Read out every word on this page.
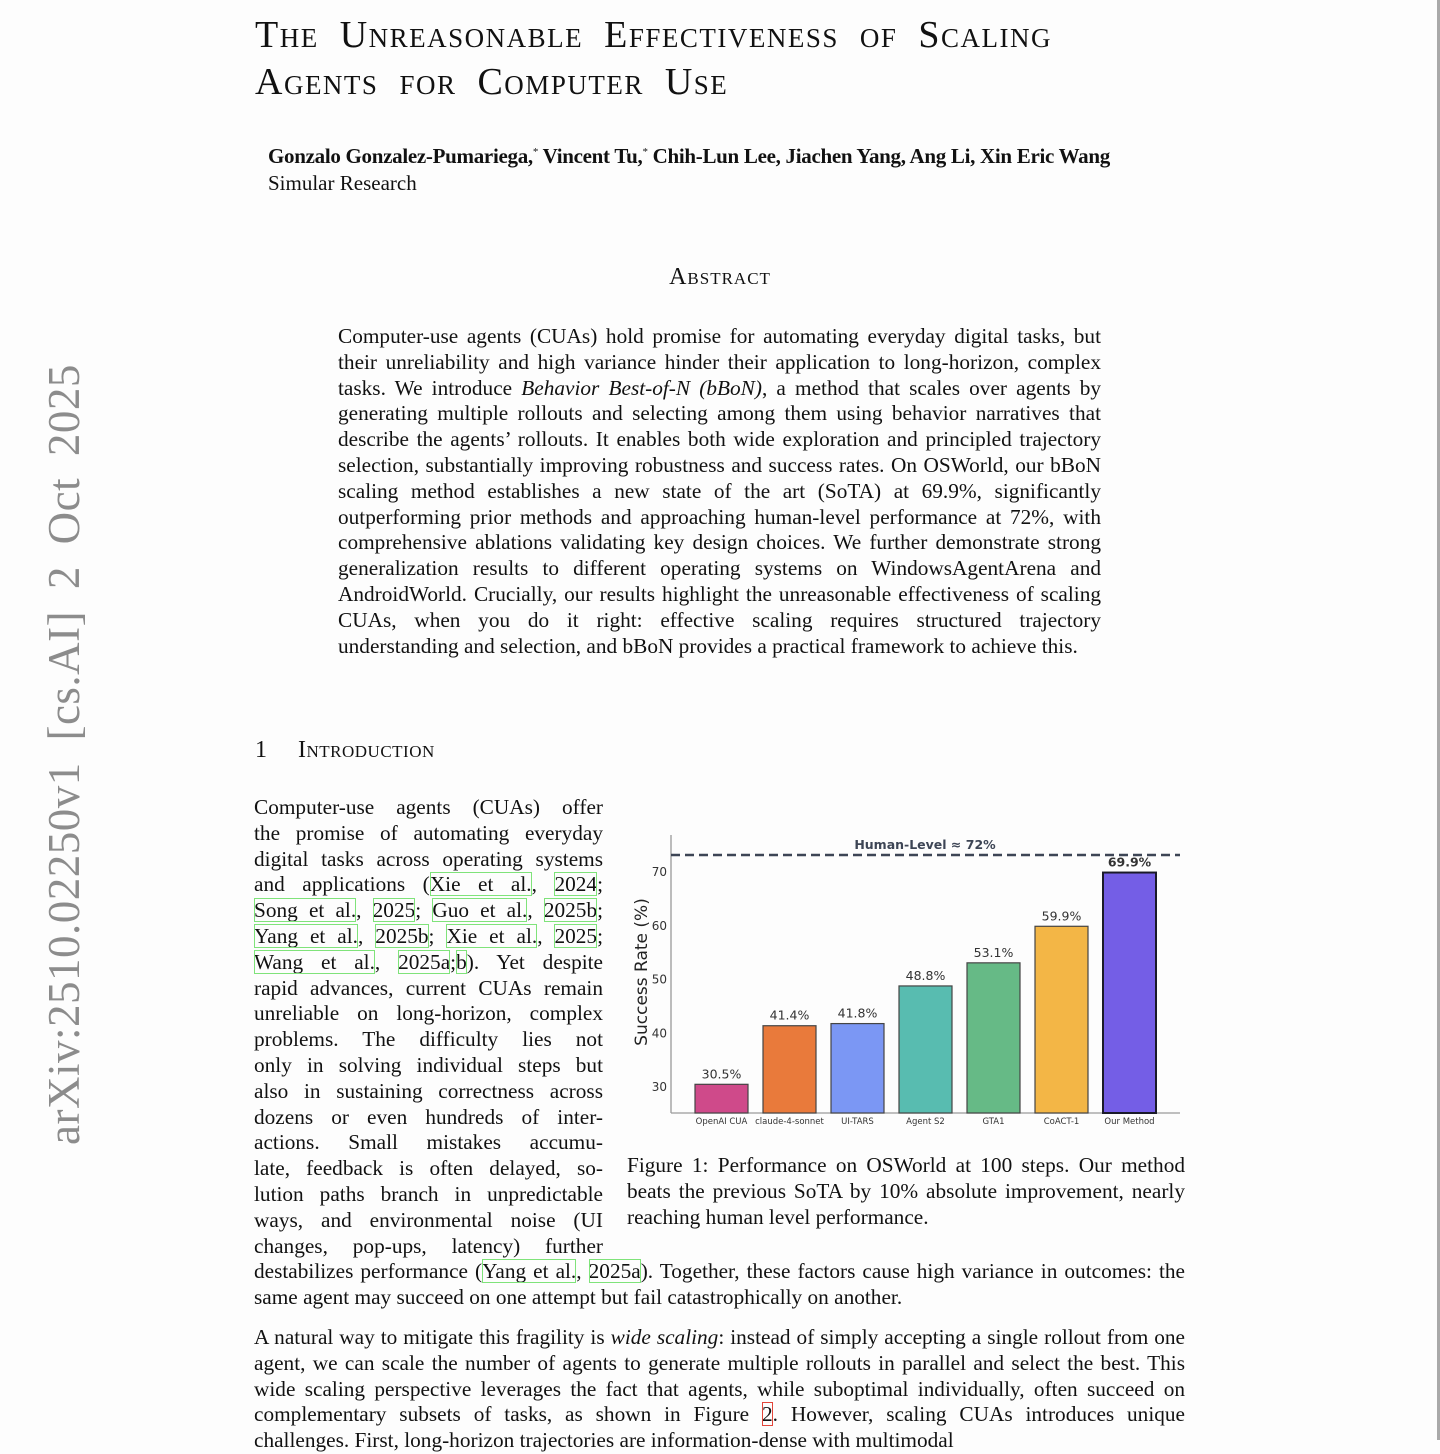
arXiv:2510.02250v1 [cs.AI] 2 Oct 2025
The Unreasonable Effectiveness of Scaling
Agents for Computer Use
Gonzalo Gonzalez-Pumariega,* Vincent Tu,* Chih-Lun Lee, Jiachen Yang, Ang Li, Xin Eric Wang
Simular Research
Abstract
Computer-use agents (CUAs) hold promise for automating everyday digital tasks, but their unreliability and high variance hinder their application to long-horizon, complex tasks. We introduce Behavior Best-of-N (bBoN), a method that scales over agents by generating multiple rollouts and selecting among them using behavior narratives that describe the agents’ rollouts. It enables both wide exploration and principled trajectory selection, substantially improving robustness and success rates. On OSWorld, our bBoN scaling method establishes a new state of the art (SoTA) at 69.9%, significantly outperforming prior methods and approaching human-level performance at 72%, with comprehensive ablations validating key design choices. We further demonstrate strong generalization results to different operating systems on WindowsAgentArena and AndroidWorld. Crucially, our results highlight the unreasonable effectiveness of scaling CUAs, when you do it right: effective scaling requires structured trajectory understanding and selection, and bBoN provides a practical framework to achieve this.
1 Introduction
Computer-use agents (CUAs) offer
the promise of automating everyday
digital tasks across operating systems
and applications (Xie et al., 2024;
Song et al., 2025; Guo et al., 2025b;
Yang et al., 2025b; Xie et al., 2025;
Wang et al., 2025a;b). Yet despite
rapid advances, current CUAs remain
unreliable on long-horizon, complex
problems. The difficulty lies not
only in solving individual steps but
also in sustaining correctness across
dozens or even hundreds of inter-
actions. Small mistakes accumu-
late, feedback is often delayed, so-
lution paths branch in unpredictable
ways, and environmental noise (UI
changes, pop-ups, latency) further
destabilizes performance (Yang et al., 2025a). Together, these factors cause high variance in outcomes: the same agent may succeed on one attempt but fail catastrophically on another.
A natural way to mitigate this fragility is wide scaling: instead of simply accepting a single rollout from one agent, we can scale the number of agents to generate multiple rollouts in parallel and select the best. This wide scaling perspective leverages the fact that agents, while suboptimal individually, often succeed on complementary subsets of tasks, as shown in Figure 2. However, scaling CUAs introduces unique challenges. First, long-horizon trajectories are information-dense with multimodal
30
40
50
60
70
Success Rate (%)
30.5%
OpenAI CUA
41.4%
claude-4-sonnet
41.8%
UI-TARS
48.8%
Agent S2
53.1%
GTA1
59.9%
CoACT-1
69.9%
Our Method
Human-Level ≈ 72%
Figure 1: Performance on OSWorld at 100 steps. Our method beats the previous SoTA by 10% absolute improvement, nearly reaching human level performance.
